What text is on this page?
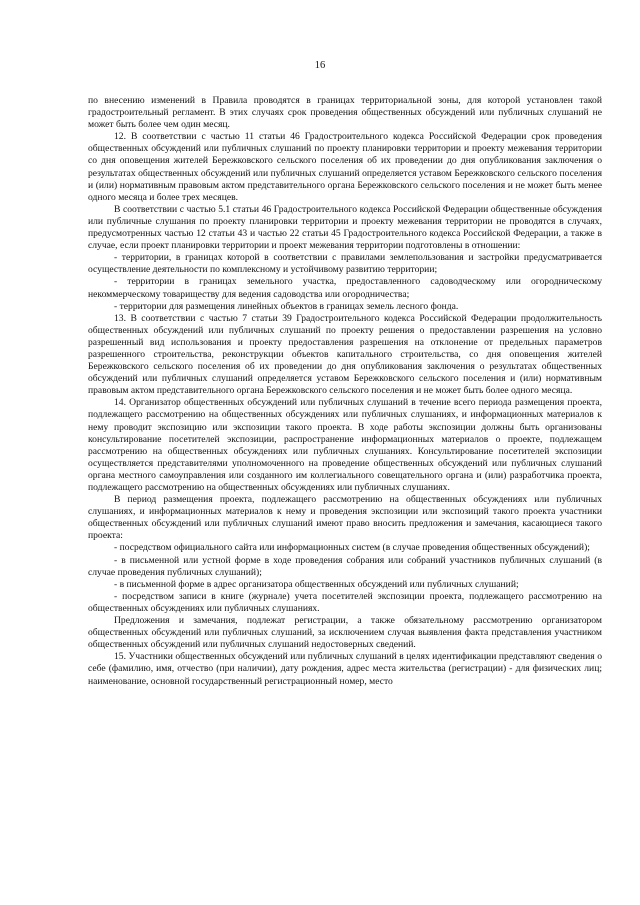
16

по внесению изменений в Правила проводятся в границах территориальной зоны, для которой установлен такой градостроительный регламент. В этих случаях срок проведения общественных обсуждений или публичных слушаний не может быть более чем один месяц.

12. В соответствии с частью 11 статьи 46 Градостроительного кодекса Российской Федерации срок проведения общественных обсуждений или публичных слушаний по проекту планировки территории и проекту межевания территории со дня оповещения жителей Бережковского сельского поселения об их проведении до дня опубликования заключения о результатах общественных обсуждений или публичных слушаний определяется уставом Бережковского сельского поселения и (или) нормативным правовым актом представительного органа Бережковского сельского поселения и не может быть менее одного месяца и более трех месяцев.

В соответствии с частью 5.1 статьи 46 Градостроительного кодекса Российской Федерации общественные обсуждения или публичные слушания по проекту планировки территории и проекту межевания территории не проводятся в случаях, предусмотренных частью 12 статьи 43 и частью 22 статьи 45 Градостроительного кодекса Российской Федерации, а также в случае, если проект планировки территории и проект межевания территории подготовлены в отношении:

- территории, в границах которой в соответствии с правилами землепользования и застройки предусматривается осуществление деятельности по комплексному и устойчивому развитию территории;

- территории в границах земельного участка, предоставленного садоводческому или огородническому некоммерческому товариществу для ведения садоводства или огородничества;

- территории для размещения линейных объектов в границах земель лесного фонда.

13. В соответствии с частью 7 статьи 39 Градостроительного кодекса Российской Федерации продолжительность общественных обсуждений или публичных слушаний по проекту решения о предоставлении разрешения на условно разрешенный вид использования и проекту предоставления разрешения на отклонение от предельных параметров разрешенного строительства, реконструкции объектов капитального строительства, со дня оповещения жителей Бережковского сельского поселения об их проведении до дня опубликования заключения о результатах общественных обсуждений или публичных слушаний определяется уставом Бережковского сельского поселения и (или) нормативным правовым актом представительного органа Бережковского сельского поселения и не может быть более одного месяца.

14. Организатор общественных обсуждений или публичных слушаний в течение всего периода размещения проекта, подлежащего рассмотрению на общественных обсуждениях или публичных слушаниях, и информационных материалов к нему проводит экспозицию или экспозиции такого проекта. В ходе работы экспозиции должны быть организованы консультирование посетителей экспозиции, распространение информационных материалов о проекте, подлежащем рассмотрению на общественных обсуждениях или публичных слушаниях. Консультирование посетителей экспозиции осуществляется представителями уполномоченного на проведение общественных обсуждений или публичных слушаний органа местного самоуправления или созданного им коллегиального совещательного органа и (или) разработчика проекта, подлежащего рассмотрению на общественных обсуждениях или публичных слушаниях.

В период размещения проекта, подлежащего рассмотрению на общественных обсуждениях или публичных слушаниях, и информационных материалов к нему и проведения экспозиции или экспозиций такого проекта участники общественных обсуждений или публичных слушаний имеют право вносить предложения и замечания, касающиеся такого проекта:

- посредством официального сайта или информационных систем (в случае проведения общественных обсуждений);

- в письменной или устной форме в ходе проведения собрания или собраний участников публичных слушаний (в случае проведения публичных слушаний);

- в письменной форме в адрес организатора общественных обсуждений или публичных слушаний;

- посредством записи в книге (журнале) учета посетителей экспозиции проекта, подлежащего рассмотрению на общественных обсуждениях или публичных слушаниях.

Предложения и замечания, подлежат регистрации, а также обязательному рассмотрению организатором общественных обсуждений или публичных слушаний, за исключением случая выявления факта представления участником общественных обсуждений или публичных слушаний недостоверных сведений.

15. Участники общественных обсуждений или публичных слушаний в целях идентификации представляют сведения о себе (фамилию, имя, отчество (при наличии), дату рождения, адрес места жительства (регистрации) - для физических лиц; наименование, основной государственный регистрационный номер, место
